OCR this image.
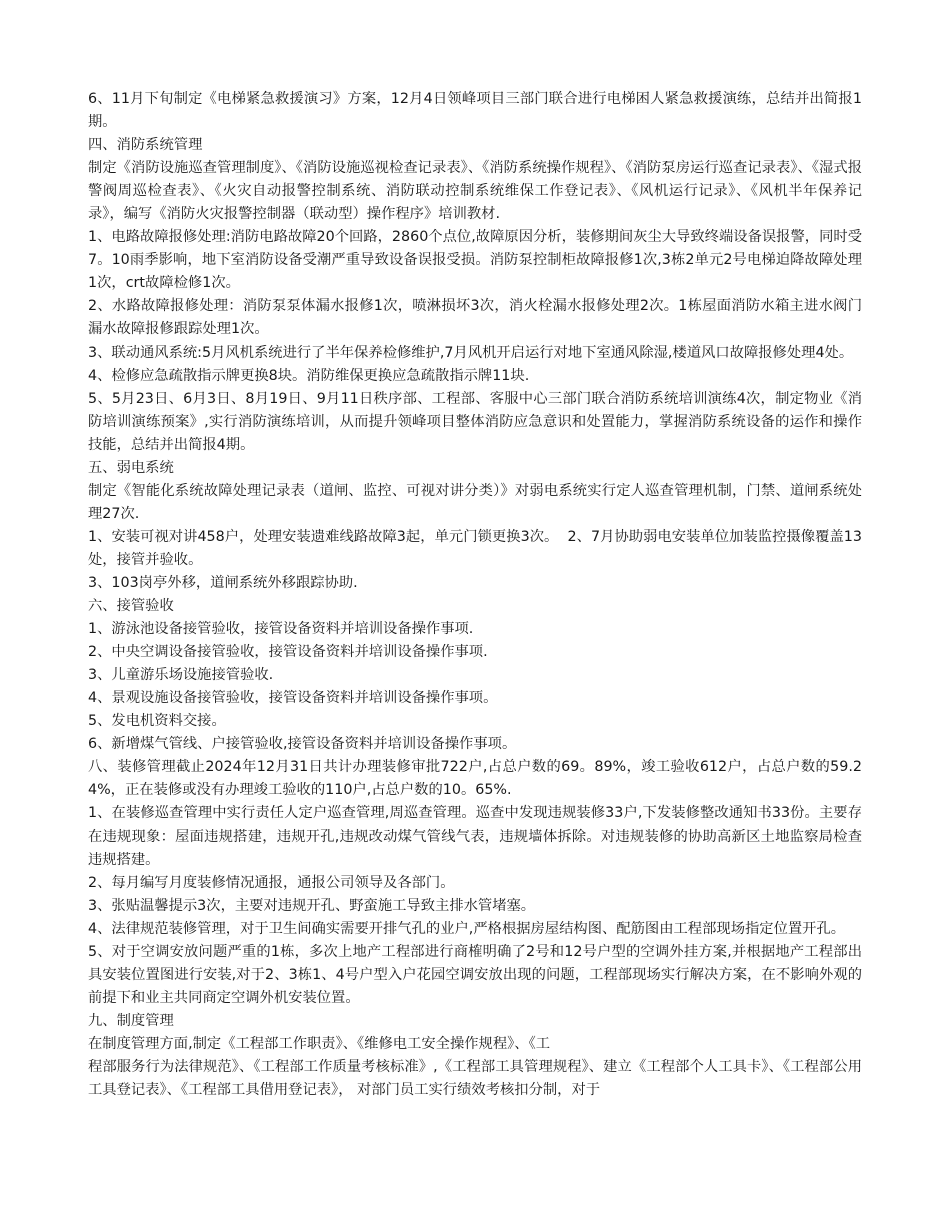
6、11月下旬制定《电梯紧急救援演习》方案，12月4日领峰项目三部门联合进行电梯困人紧急救援演练，总结并出简报1期。

四、消防系统管理

制定《消防设施巡查管理制度》、《消防设施巡视检查记录表》、《消防系统操作规程》、《消防泵房运行巡查记录表》、《湿式报警阀周巡检查表》、《火灾自动报警控制系统、消防联动控制系统维保工作登记表》、《风机运行记录》、《风机半年保养记录》，编写《消防火灾报警控制器（联动型）操作程序》培训教材.

1、电路故障报修处理:消防电路故障20个回路，2860个点位,故障原因分析，装修期间灰尘大导致终端设备误报警，同时受7。10雨季影响，地下室消防设备受潮严重导致设备误报受损。消防泵控制柜故障报修1次,3栋2单元2号电梯迫降故障处理1次，crt故障检修1次。

2、水路故障报修处理：消防泵泵体漏水报修1次，喷淋损坏3次，消火栓漏水报修处理2次。1栋屋面消防水箱主进水阀门漏水故障报修跟踪处理1次。

3、联动通风系统:5月风机系统进行了半年保养检修维护,7月风机开启运行对地下室通风除湿,楼道风口故障报修处理4处。

4、检修应急疏散指示牌更换8块。消防维保更换应急疏散指示牌11块.

5、5月23日、6月3日、8月19日、9月11日秩序部、工程部、客服中心三部门联合消防系统培训演练4次，制定物业《消防培训演练预案》,实行消防演练培训，从而提升领峰项目整体消防应急意识和处置能力，掌握消防系统设备的运作和操作技能，总结并出简报4期。

五、弱电系统

制定《智能化系统故障处理记录表（道闸、监控、可视对讲分类）》对弱电系统实行定人巡查管理机制，门禁、道闸系统处理27次.

1、安装可视对讲458户，处理安装遗难线路故障3起，单元门锁更换3次。  2、7月协助弱电安装单位加装监控摄像覆盖13处，接管并验收。

3、103岗亭外移，道闸系统外移跟踪协助.

六、接管验收

1、游泳池设备接管验收，接管设备资料并培训设备操作事项.

2、中央空调设备接管验收，接管设备资料并培训设备操作事项.

3、儿童游乐场设施接管验收.

4、景观设施设备接管验收，接管设备资料并培训设备操作事项。

5、发电机资料交接。

6、新增煤气管线、户接管验收,接管设备资料并培训设备操作事项。

八、装修管理截止2024年12月31日共计办理装修审批722户,占总户数的69。89%，竣工验收612户，占总户数的59.24%，正在装修或没有办理竣工验收的110户,占总户数的10。65%.

1、在装修巡查管理中实行责任人定户巡查管理,周巡查管理。巡查中发现违规装修33户,下发装修整改通知书33份。主要存在违规现象：屋面违规搭建，违规开孔,违规改动煤气管线气表，违规墙体拆除。对违规装修的协助高新区土地监察局检查违规搭建。

2、每月编写月度装修情况通报，通报公司领导及各部门。

3、张贴温馨提示3次，主要对违规开孔、野蛮施工导致主排水管堵塞。

4、法律规范装修管理，对于卫生间确实需要开排气孔的业户,严格根据房屋结构图、配筋图由工程部现场指定位置开孔。

5、对于空调安放问题严重的1栋，多次上地产工程部进行商榷明确了2号和12号户型的空调外挂方案,并根据地产工程部出具安装位置图进行安装,对于2、3栋1、4号户型入户花园空调安放出现的问题，工程部现场实行解决方案，在不影响外观的前提下和业主共同商定空调外机安装位置。

九、制度管理

在制度管理方面,制定《工程部工作职责》、《维修电工安全操作规程》、《工
程部服务行为法律规范》、《工程部工作质量考核标准》,《工程部工具管理规程》、建立《工程部个人工具卡》、《工程部公用工具登记表》、《工程部工具借用登记表》， 对部门员工实行绩效考核扣分制，对于
